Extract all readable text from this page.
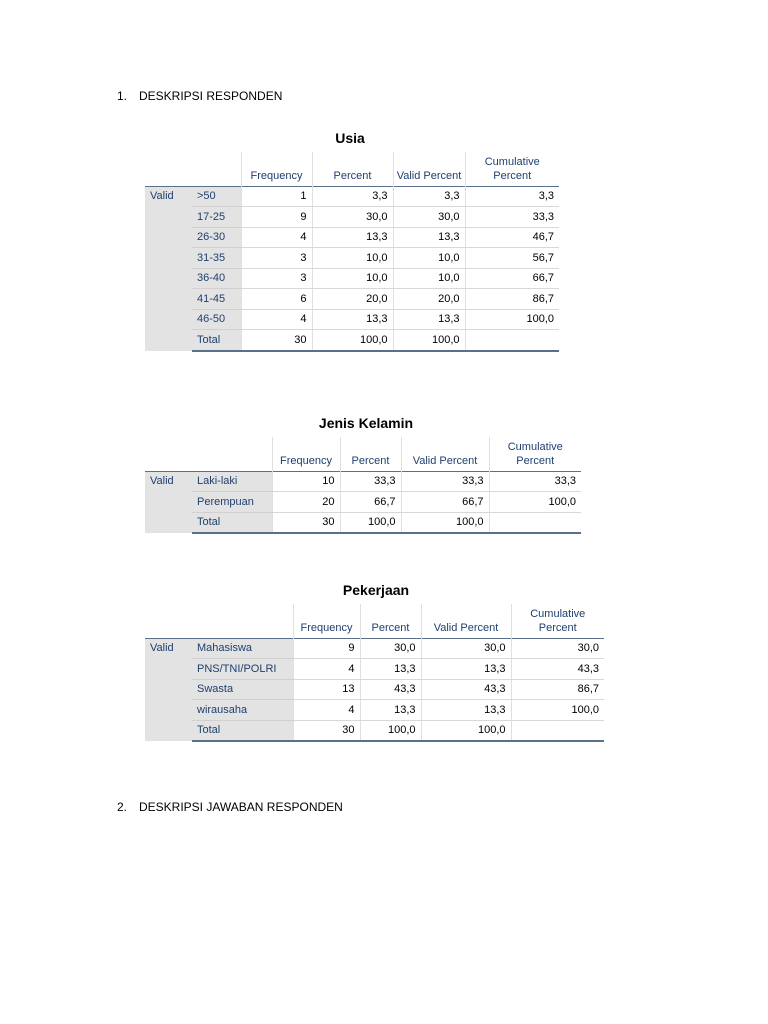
1. DESKRIPSI RESPONDEN
Usia
		Frequency	Percent	Valid Percent	Cumulative
Percent
Valid	>50	1	3,3	3,3	3,3
	17-25	9	30,0	30,0	33,3
	26-30	4	13,3	13,3	46,7
	31-35	3	10,0	10,0	56,7
	36-40	3	10,0	10,0	66,7
	41-45	6	20,0	20,0	86,7
	46-50	4	13,3	13,3	100,0
	Total	30	100,0	100,0	
Jenis Kelamin
		Frequency	Percent	Valid Percent	Cumulative
Percent
Valid	Laki-laki	10	33,3	33,3	33,3
	Perempuan	20	66,7	66,7	100,0
	Total	30	100,0	100,0	
Pekerjaan
		Frequency	Percent	Valid Percent	Cumulative
Percent
Valid	Mahasiswa	9	30,0	30,0	30,0
	PNS/TNI/POLRI	4	13,3	13,3	43,3
	Swasta	13	43,3	43,3	86,7
	wirausaha	4	13,3	13,3	100,0
	Total	30	100,0	100,0	
2. DESKRIPSI JAWABAN RESPONDEN
